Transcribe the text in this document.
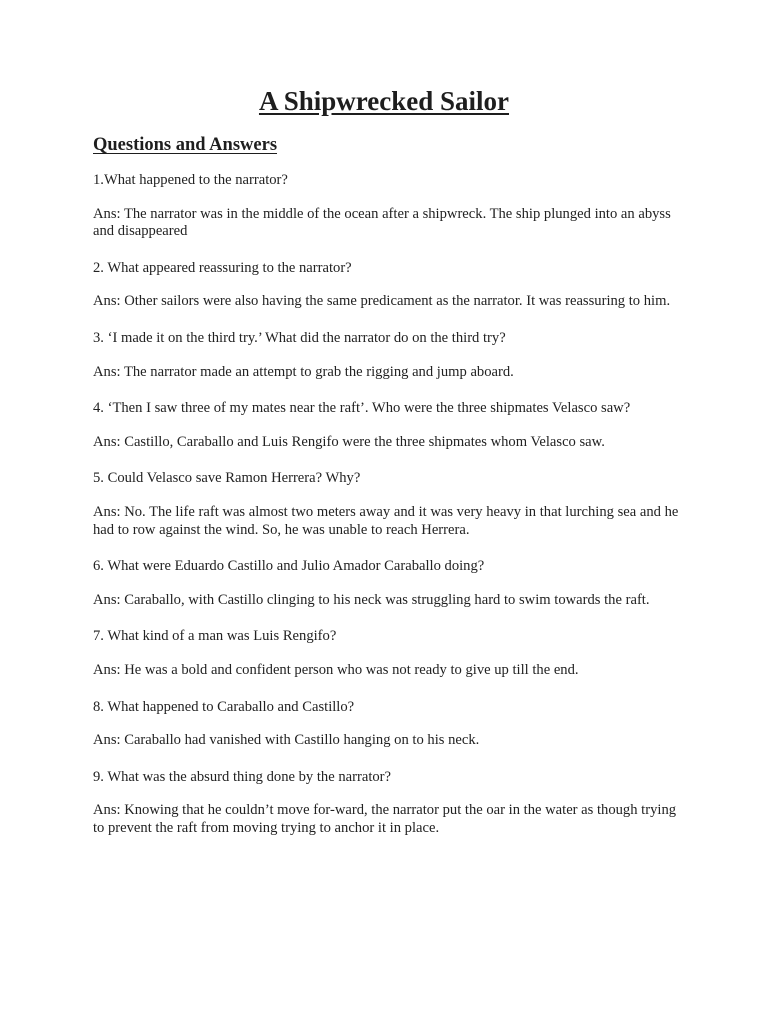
A Shipwrecked Sailor
Questions and Answers

1.What happened to the narrator?

Ans: The narrator was in the middle of the ocean after a shipwreck. The ship plunged into an abyss and disappeared

2. What appeared reassuring to the narrator?

Ans: Other sailors were also having the same predicament as the narrator. It was reassuring to him.

3. ‘I made it on the third try.’ What did the narrator do on the third try?

Ans: The narrator made an attempt to grab the rigging and jump aboard.

4. ‘Then I saw three of my mates near the raft’. Who were the three shipmates Velasco saw?

Ans: Castillo, Caraballo and Luis Rengifo were the three shipmates whom Velasco saw.

5. Could Velasco save Ramon Herrera? Why?

Ans: No. The life raft was almost two meters away and it was very heavy in that lurching sea and he had to row against the wind. So, he was unable to reach Herrera.

6. What were Eduardo Castillo and Julio Amador Caraballo doing?

Ans: Caraballo, with Castillo clinging to his neck was struggling hard to swim towards the raft.

7. What kind of a man was Luis Rengifo?

Ans: He was a bold and confident person who was not ready to give up till the end.

8. What happened to Caraballo and Castillo?

Ans: Caraballo had vanished with Castillo hanging on to his neck.

9. What was the absurd thing done by the narrator?

Ans: Knowing that he couldn’t move for-ward, the narrator put the oar in the water as though trying to prevent the raft from moving trying to anchor it in place.
